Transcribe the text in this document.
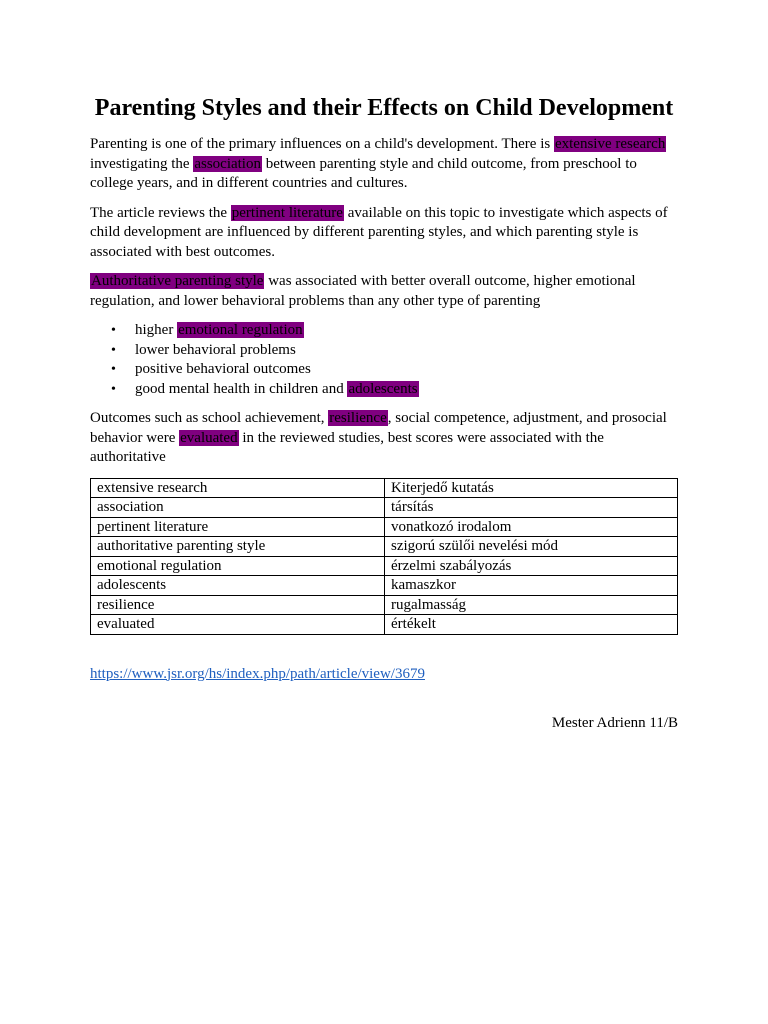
Parenting Styles and their Effects on Child Development

Parenting is one of the primary influences on a child's development. There is extensive research investigating the association between parenting style and child outcome, from preschool to college years, and in different countries and cultures.

The article reviews the pertinent literature available on this topic to investigate which aspects of child development are influenced by different parenting styles, and which parenting style is associated with best outcomes.

Authoritative parenting style was associated with better overall outcome, higher emotional regulation, and lower behavioral problems than any other type of parenting

• higher emotional regulation
• lower behavioral problems
• positive behavioral outcomes
• good mental health in children and adolescents

Outcomes such as school achievement, resilience, social competence, adjustment, and prosocial behavior were evaluated in the reviewed studies, best scores were associated with the authoritative

extensive research	Kiterjedő kutatás
association	társítás
pertinent literature	vonatkozó irodalom
authoritative parenting style	szigorú szülői nevelési mód
emotional regulation	érzelmi szabályozás
adolescents	kamaszkor
resilience	rugalmasság
evaluated	értékelt
https://www.jsr.org/hs/index.php/path/article/view/3679
Mester Adrienn 11/B
